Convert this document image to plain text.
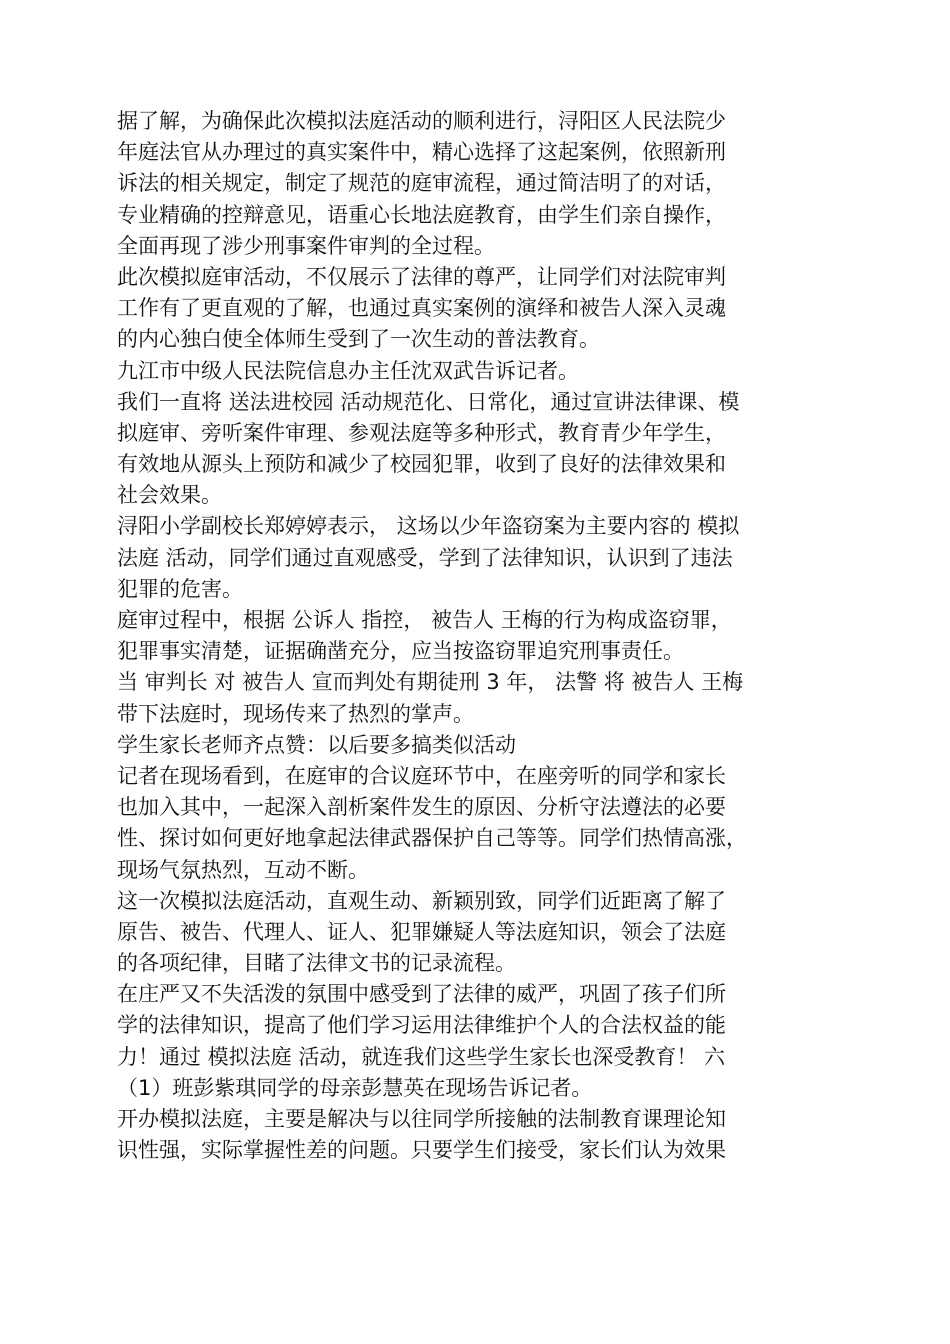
据了解，为确保此次模拟法庭活动的顺利进行，浔阳区人民法院少
年庭法官从办理过的真实案件中，精心选择了这起案例，依照新刑
诉法的相关规定，制定了规范的庭审流程，通过简洁明了的对话，
专业精确的控辩意见，语重心长地法庭教育，由学生们亲自操作，
全面再现了涉少刑事案件审判的全过程。
此次模拟庭审活动，不仅展示了法律的尊严，让同学们对法院审判
工作有了更直观的了解，也通过真实案例的演绎和被告人深入灵魂
的内心独白使全体师生受到了一次生动的普法教育。
九江市中级人民法院信息办主任沈双武告诉记者。
我们一直将 送法进校园 活动规范化、日常化，通过宣讲法律课、模
拟庭审、旁听案件审理、参观法庭等多种形式，教育青少年学生，
有效地从源头上预防和减少了校园犯罪，收到了良好的法律效果和
社会效果。
浔阳小学副校长郑婷婷表示， 这场以少年盗窃案为主要内容的 模拟
法庭 活动，同学们通过直观感受，学到了法律知识，认识到了违法
犯罪的危害。
庭审过程中，根据 公诉人 指控， 被告人 王梅的行为构成盗窃罪，
犯罪事实清楚，证据确凿充分，应当按盗窃罪追究刑事责任。
当 审判长 对 被告人 宣而判处有期徒刑 3 年， 法警 将 被告人 王梅
带下法庭时，现场传来了热烈的掌声。
学生家长老师齐点赞：以后要多搞类似活动
记者在现场看到，在庭审的合议庭环节中，在座旁听的同学和家长
也加入其中，一起深入剖析案件发生的原因、分析守法遵法的必要
性、探讨如何更好地拿起法律武器保护自己等等。同学们热情高涨，
现场气氛热烈，互动不断。
这一次模拟法庭活动，直观生动、新颖别致，同学们近距离了解了
原告、被告、代理人、证人、犯罪嫌疑人等法庭知识，领会了法庭
的各项纪律，目睹了法律文书的记录流程。
在庄严又不失活泼的氛围中感受到了法律的威严，巩固了孩子们所
学的法律知识，提高了他们学习运用法律维护个人的合法权益的能
力！通过 模拟法庭 活动，就连我们这些学生家长也深受教育！ 六
（1）班彭紫琪同学的母亲彭慧英在现场告诉记者。
开办模拟法庭，主要是解决与以往同学所接触的法制教育课理论知
识性强，实际掌握性差的问题。只要学生们接受，家长们认为效果
